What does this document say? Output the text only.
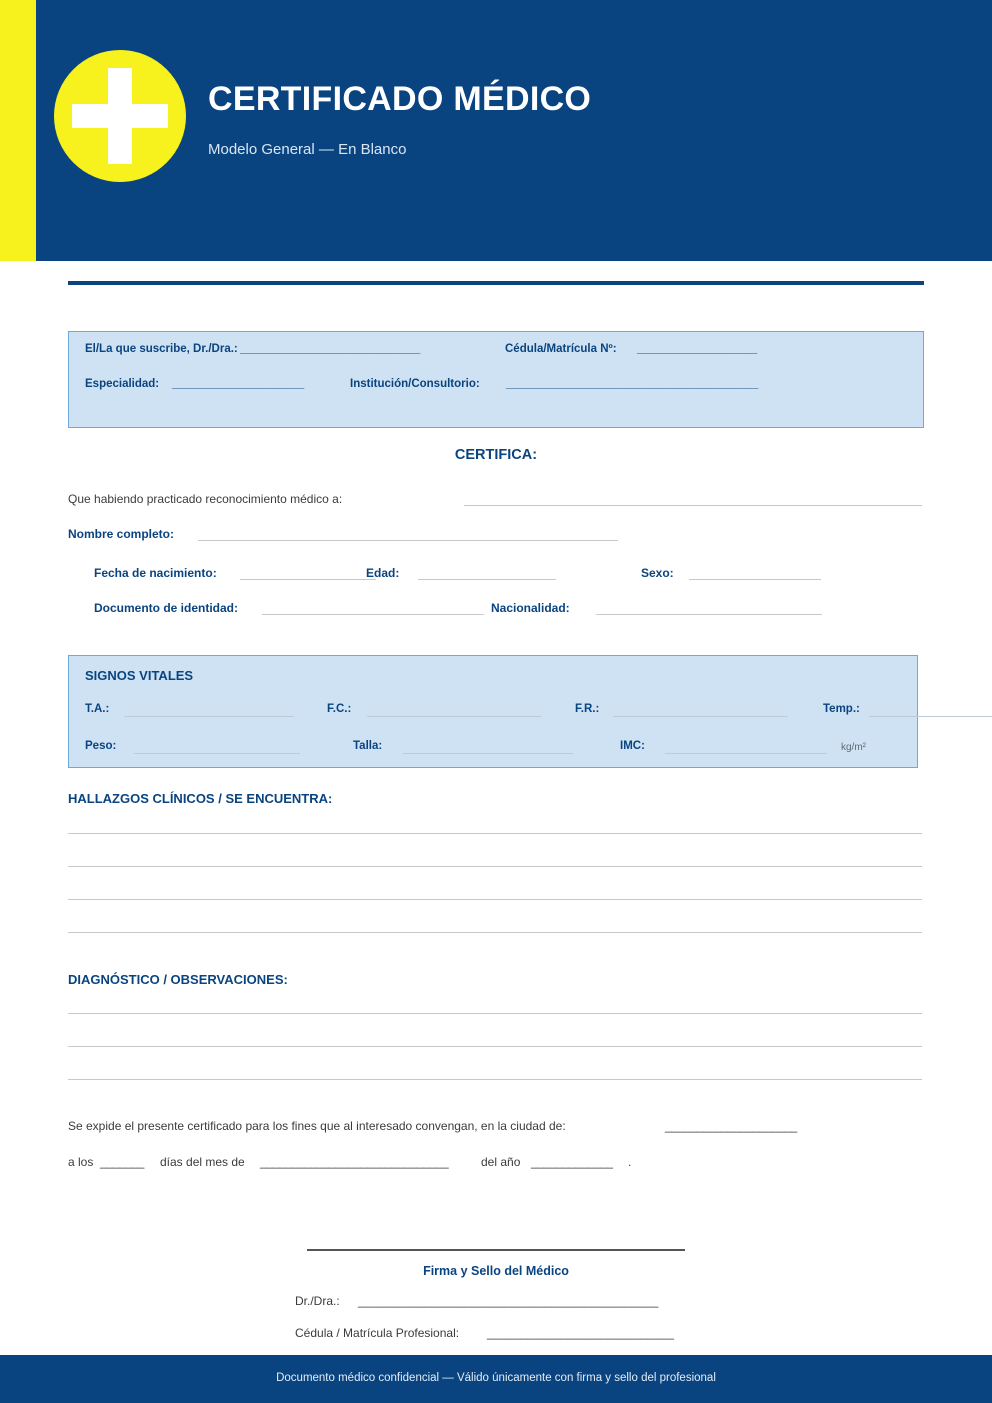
CERTIFICADO MÉDICO
Modelo General — En Blanco
El/La que suscribe, Dr./Dra.: ______________________________	Cédula/Matrícula Nº: ____________________
Especialidad: ______________________	Institución/Consultorio: __________________________________________
CERTIFICA:
Que habiendo practicado reconocimiento médico a:
Nombre completo:
Fecha de nacimiento:	Edad:	Sexo:
Documento de identidad:	Nacionalidad:
SIGNOS VITALES
T.A.:	F.C.:	F.R.:	Temp.:
Peso:	Talla:	IMC:	kg/m²
HALLAZGOS CLÍNICOS / SE ENCUENTRA:
DIAGNÓSTICO / OBSERVACIONES:
Se expide el presente certificado para los fines que al interesado convengan, en la ciudad de:	_____________________
a los _______ días del mes de ______________________________	del año _____________ .
Firma y Sello del Médico
Dr./Dra.: _____________________________________________
Cédula / Matrícula Profesional: ____________________________
Documento médico confidencial — Válido únicamente con firma y sello del profesional
